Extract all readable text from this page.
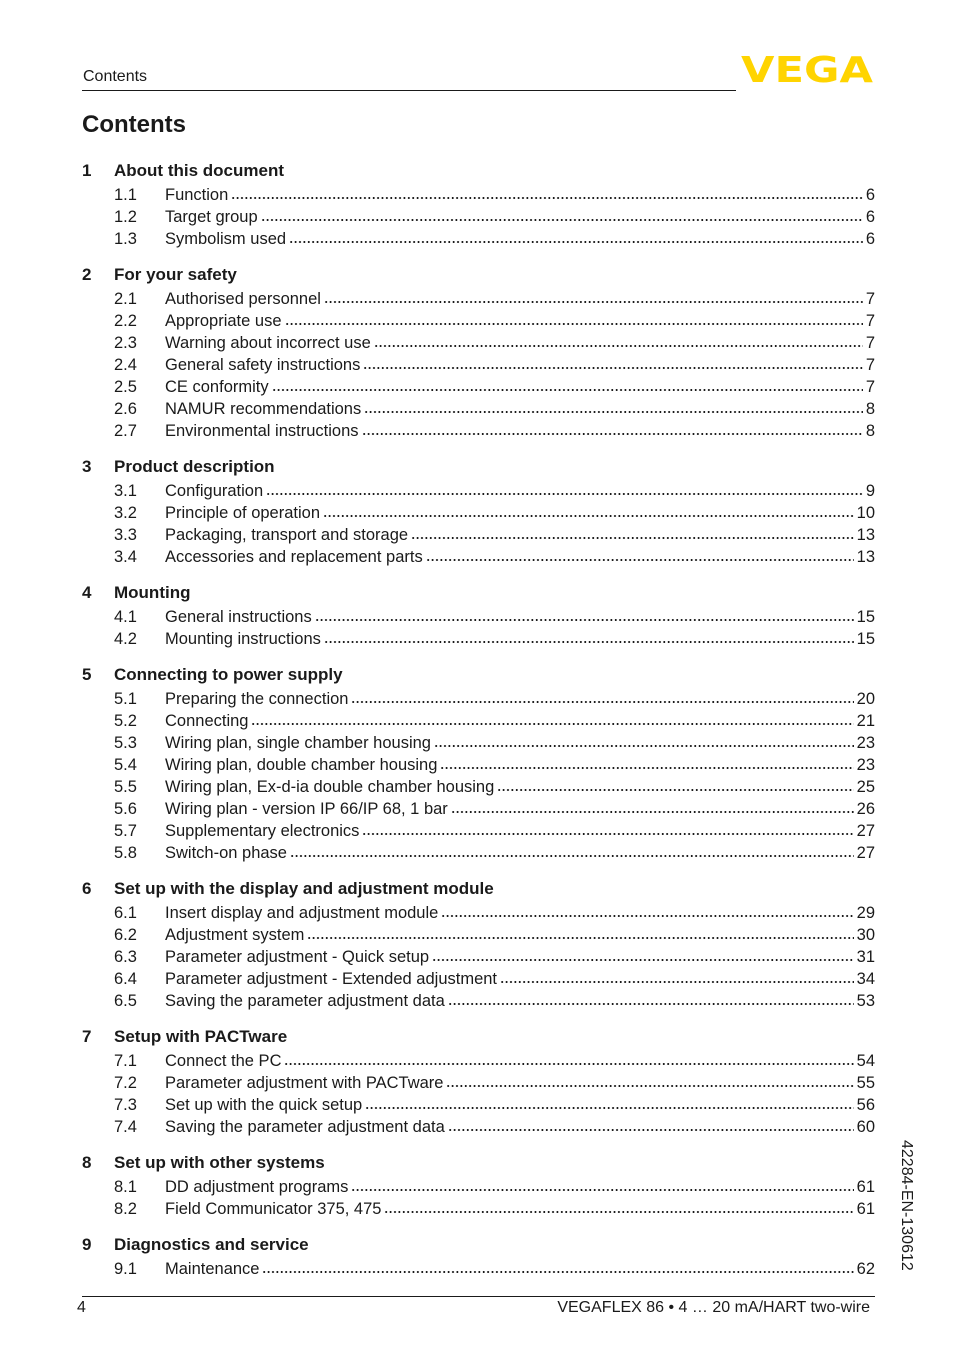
Contents	VEGA
Contents
1	About this document
1.1	Function	6
1.2	Target group	6
1.3	Symbolism used	6
2	For your safety
2.1	Authorised personnel	7
2.2	Appropriate use	7
2.3	Warning about incorrect use	7
2.4	General safety instructions	7
2.5	CE conformity	7
2.6	NAMUR recommendations	8
2.7	Environmental instructions	8
3	Product description
3.1	Configuration	9
3.2	Principle of operation	10
3.3	Packaging, transport and storage	13
3.4	Accessories and replacement parts	13
4	Mounting
4.1	General instructions	15
4.2	Mounting instructions	15
5	Connecting to power supply
5.1	Preparing the connection	20
5.2	Connecting	21
5.3	Wiring plan, single chamber housing	23
5.4	Wiring plan, double chamber housing	23
5.5	Wiring plan, Ex-d-ia double chamber housing	25
5.6	Wiring plan - version IP 66/IP 68, 1 bar	26
5.7	Supplementary electronics	27
5.8	Switch-on phase	27
6	Set up with the display and adjustment module
6.1	Insert display and adjustment module	29
6.2	Adjustment system	30
6.3	Parameter adjustment - Quick setup	31
6.4	Parameter adjustment - Extended adjustment	34
6.5	Saving the parameter adjustment data	53
7	Setup with PACTware
7.1	Connect the PC	54
7.2	Parameter adjustment with PACTware	55
7.3	Set up with the quick setup	56
7.4	Saving the parameter adjustment data	60
8	Set up with other systems
8.1	DD adjustment programs	61
8.2	Field Communicator 375, 475	61
9	Diagnostics and service
9.1	Maintenance	62 42284-EN-130612
4	VEGAFLEX 86 • 4 … 20 mA/HART two-wire
